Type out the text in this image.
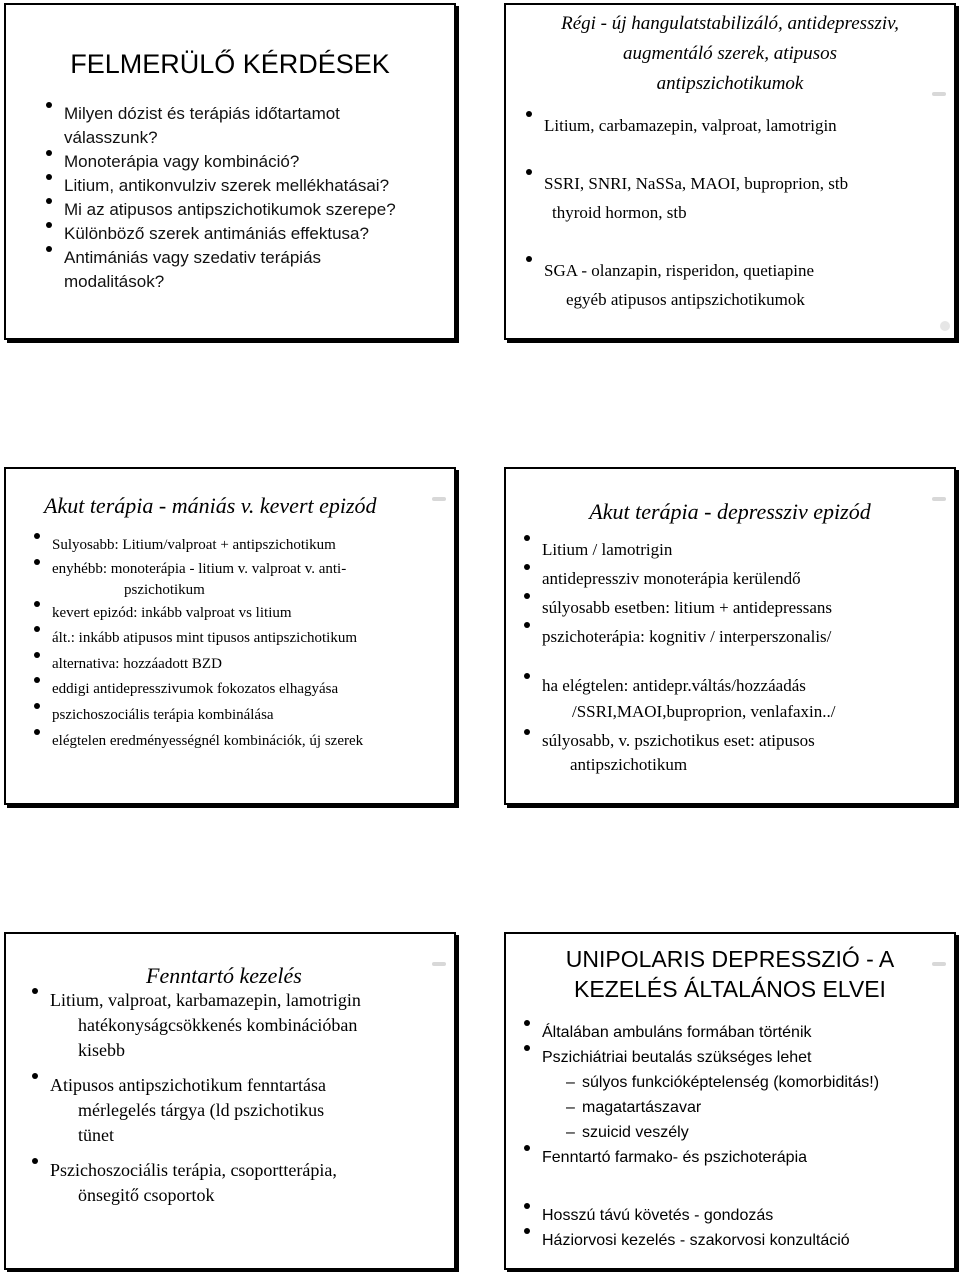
FELMERÜLŐ KÉRDÉSEK
Milyen dózist és terápiás időtartamot
válasszunk?
Monoterápia vagy kombináció?
Litium, antikonvulziv szerek mellékhatásai?
Mi az atipusos antipszichotikumok szerepe?
Különböző szerek antimániás effektusa?
Antimániás vagy szedativ terápiás
modalitások?
Régi - új hangulatstabilizáló, antidepressziv,
augmentáló szerek, atipusos
antipszichotikumok
Litium, carbamazepin, valproat, lamotrigin
SSRI, SNRI, NaSSa, MAOI, buproprion, stb
thyroid hormon, stb
SGA - olanzapin, risperidon, quetiapine
egyéb atipusos antipszichotikumok
Akut terápia - mániás v. kevert epizód
Sulyosabb: Litium/valproat + antipszichotikum
enyhébb: monoterápia - litium v. valproat v. anti-
pszichotikum
kevert epizód: inkább valproat vs litium
ált.: inkább atipusos mint tipusos antipszichotikum
alternativa: hozzáadott BZD
eddigi antidepresszivumok fokozatos elhagyása
pszichoszociális terápia kombinálása
elégtelen eredményességnél kombinációk, új szerek
Akut terápia - depressziv epizód
Litium / lamotrigin
antidepressziv monoterápia kerülendő
súlyosabb esetben: litium + antidepressans
pszichoterápia: kognitiv / interperszonalis/
ha elégtelen: antidepr.váltás/hozzáadás
/SSRI,MAOI,buproprion, venlafaxin../
súlyosabb, v. pszichotikus eset: atipusos
antipszichotikum
Fenntartó kezelés
Litium, valproat, karbamazepin, lamotrigin
hatékonyságcsökkenés kombinációban
kisebb
Atipusos antipszichotikum fenntartása
mérlegelés tárgya (ld pszichotikus
tünet
Pszichoszociális terápia, csoportterápia,
önsegitő csoportok
UNIPOLARIS DEPRESSZIÓ - A
KEZELÉS ÁLTALÁNOS ELVEI
Általában ambuláns formában történik
Pszichiátriai beutalás szükséges lehet
– súlyos funkcióképtelenség (komorbiditás!)
– magatartászavar
– szuicid veszély
Fenntartó farmako- és pszichoterápia
Hosszú távú követés - gondozás
Háziorvosi kezelés - szakorvosi konzultáció
